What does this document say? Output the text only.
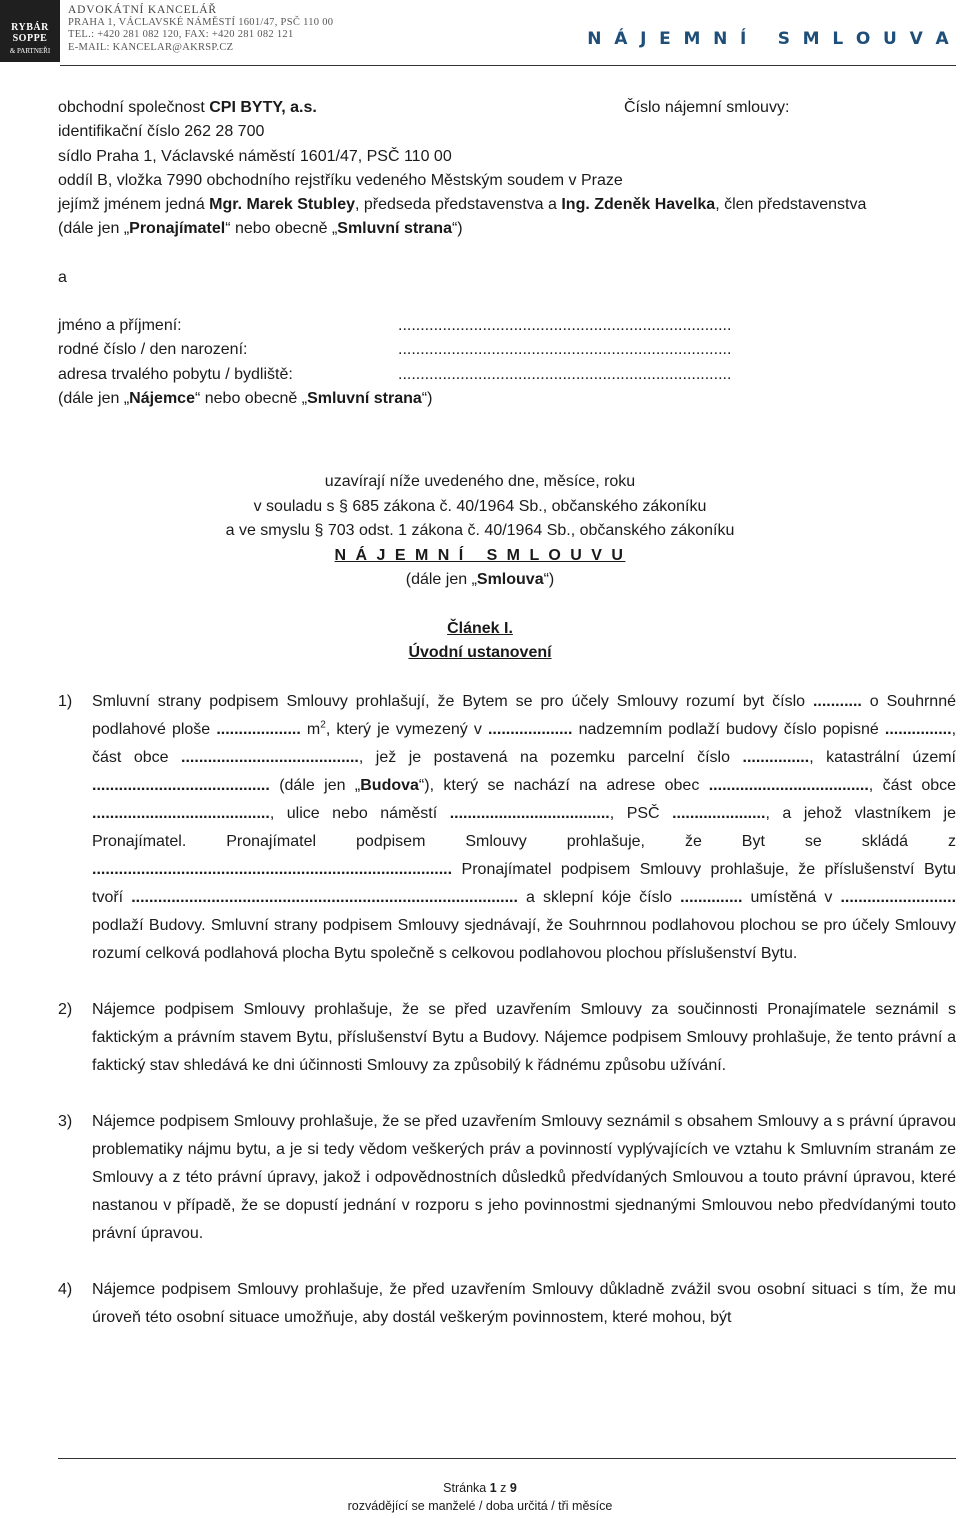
RYBÁR
SOPPE
& PARTNEŘI
ADVOKÁTNÍ KANCELÁŘ
PRAHA 1, VÁCLAVSKÉ NÁMĚSTÍ 1601/47, PSČ 110 00
TEL.: +420 281 082 120, FAX: +420 281 082 121
E-MAIL: KANCELAR@AKRSP.CZ	N Á J E M N Í   S M L O U V A
obchodní společnost CPI BYTY, a.s.	Číslo nájemní smlouvy:
identifikační číslo 262 28 700
sídlo Praha 1, Václavské náměstí 1601/47, PSČ 110 00
oddíl B, vložka 7990 obchodního rejstříku vedeného Městským soudem v Praze
jejímž jménem jedná Mgr. Marek Stubley, předseda představenstva a Ing. Zdeněk Havelka, člen představenstva
(dále jen „Pronajímatel“ nebo obecně „Smluvní strana“)
a
jméno a příjmení:	...........................................................................
rodné číslo / den narození:	...........................................................................
adresa trvalého pobytu / bydliště:	...........................................................................
(dále jen „Nájemce“ nebo obecně „Smluvní strana“)
uzavírají níže uvedeného dne, měsíce, roku
v souladu s § 685 zákona č. 40/1964 Sb., občanského zákoníku
a ve smyslu § 703 odst. 1 zákona č. 40/1964 Sb., občanského zákoníku
N Á J E M N Í   S M L O U V U
(dále jen „Smlouva“)
Článek I.
Úvodní ustanovení
1) Smluvní strany podpisem Smlouvy prohlašují, že Bytem se pro účely Smlouvy rozumí byt číslo ........... o Souhrnné podlahové ploše ................... $m^2$, který je vymezený v ................... nadzemním podlaží budovy číslo popisné ..............., část obce ........................................, jež je postavená na pozemku parcelní číslo ..............., katastrální území ........................................ (dále jen „Budova“), který se nachází na adrese obec ...................................., část obce ........................................, ulice nebo náměstí ...................................., PSČ ....................., a jehož vlastníkem je Pronajímatel. Pronajímatel podpisem Smlouvy prohlašuje, že Byt se skládá z ................................................................................. Pronajímatel podpisem Smlouvy prohlašuje, že příslušenství Bytu tvoří ....................................................................................... a sklepní kóje číslo .............. umístěná v .......................... podlaží Budovy. Smluvní strany podpisem Smlouvy sjednávají, že Souhrnnou podlahovou plochou se pro účely Smlouvy rozumí celková podlahová plocha Bytu společně s celkovou podlahovou plochou příslušenství Bytu.
2) Nájemce podpisem Smlouvy prohlašuje, že se před uzavřením Smlouvy za součinnosti Pronajímatele seznámil s faktickým a právním stavem Bytu, příslušenství Bytu a Budovy. Nájemce podpisem Smlouvy prohlašuje, že tento právní a faktický stav shledává ke dni účinnosti Smlouvy za způsobilý k řádnému způsobu užívání.
3) Nájemce podpisem Smlouvy prohlašuje, že se před uzavřením Smlouvy seznámil s obsahem Smlouvy a s právní úpravou problematiky nájmu bytu, a je si tedy vědom veškerých práv a povinností vyplývajících ve vztahu k Smluvním stranám ze Smlouvy a z této právní úpravy, jakož i odpovědnostních důsledků předvídaných Smlouvou a touto právní úpravou, které nastanou v případě, že se dopustí jednání v rozporu s jeho povinnostmi sjednanými Smlouvou nebo předvídanými touto právní úpravou.
4) Nájemce podpisem Smlouvy prohlašuje, že před uzavřením Smlouvy důkladně zvážil svou osobní situaci s tím, že mu úroveň této osobní situace umožňuje, aby dostál veškerým povinnostem, které mohou, být
Stránka 1 z 9
rozvádějící se manželé / doba určitá / tři měsíce
